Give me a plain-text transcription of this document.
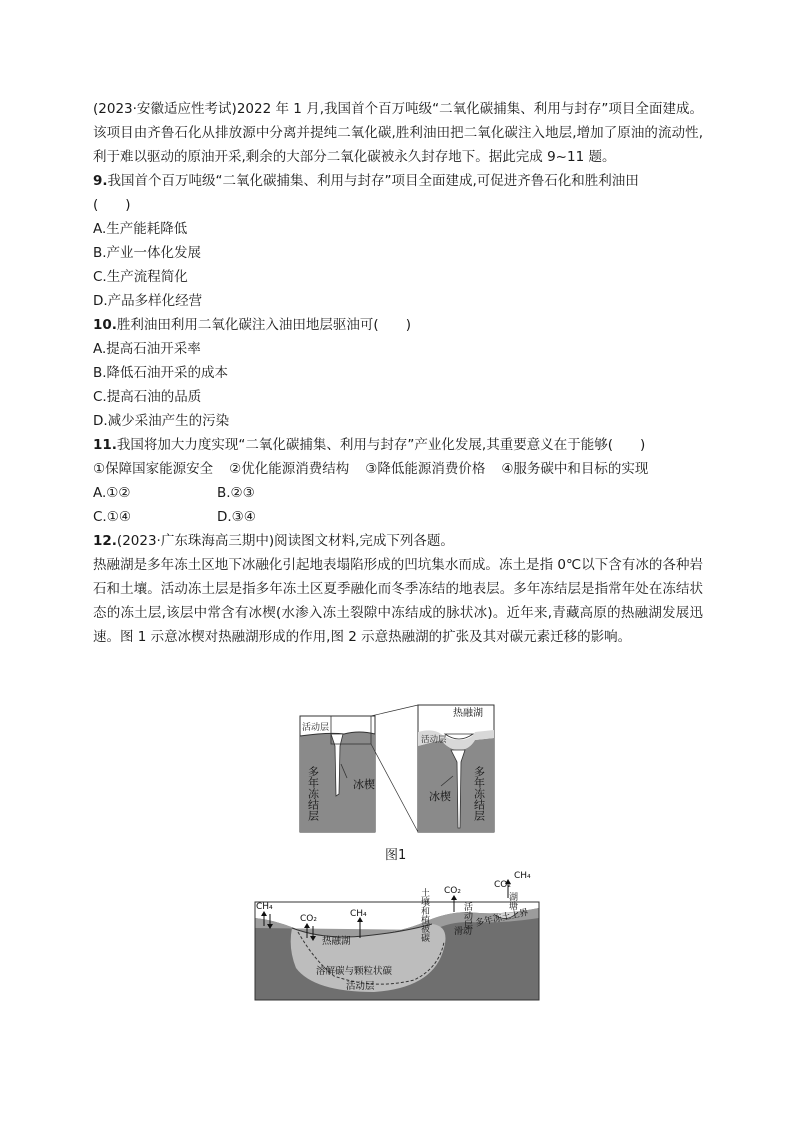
(2023·安徽适应性考试)2022 年 1 月,我国首个百万吨级“二氧化碳捕集、利用与封存”项目全面建成。该项目由齐鲁石化从排放源中分离并提纯二氧化碳,胜利油田把二氧化碳注入地层,增加了原油的流动性,利于难以驱动的原油开采,剩余的大部分二氧化碳被永久封存地下。据此完成 9~11 题。

9.我国首个百万吨级“二氧化碳捕集、利用与封存”项目全面建成,可促进齐鲁石化和胜利油田

(　　)

A.生产能耗降低

B.产业一体化发展

C.生产流程简化

D.产品多样化经营

10.胜利油田利用二氧化碳注入油田地层驱油可(　　)

A.提高石油开采率

B.降低石油开采的成本

C.提高石油的品质

D.减少采油产生的污染

11.我国将加大力度实现“二氧化碳捕集、利用与封存”产业化发展,其重要意义在于能够(　　)

①保障国家能源安全 ②优化能源消费结构 ③降低能源消费价格 ④服务碳中和目标的实现

A.①②	B.②③
C.①④	D.③④

12.(2023·广东珠海高三期中)阅读图文材料,完成下列各题。

热融湖是多年冻土区地下冰融化引起地表塌陷形成的凹坑集水而成。冻土是指 0℃以下含有冰的各种岩石和土壤。活动冻土层是指多年冻土区夏季融化而冬季冻结的地表层。多年冻结层是指常年处在冻结状态的冻土层,该层中常含有冰楔(水渗入冻土裂隙中冻结成的脉状冰)。近年来,青藏高原的热融湖发展迅速。图 1 示意冰楔对热融湖形成的作用,图 2 示意热融湖的扩张及其对碳元素迁移的影响。

活动层
多年冻结层	冰楔
热融湖
活动层
冰楔 多年冻结层
图1
CH₄
CO₂	CH₄
CO₂
CO₂
CH₄
热融湖
溶解碳与颗粒状碳
活动层
土壤和植被碳	活动层
滑动
多年冻土上界
湖塘
